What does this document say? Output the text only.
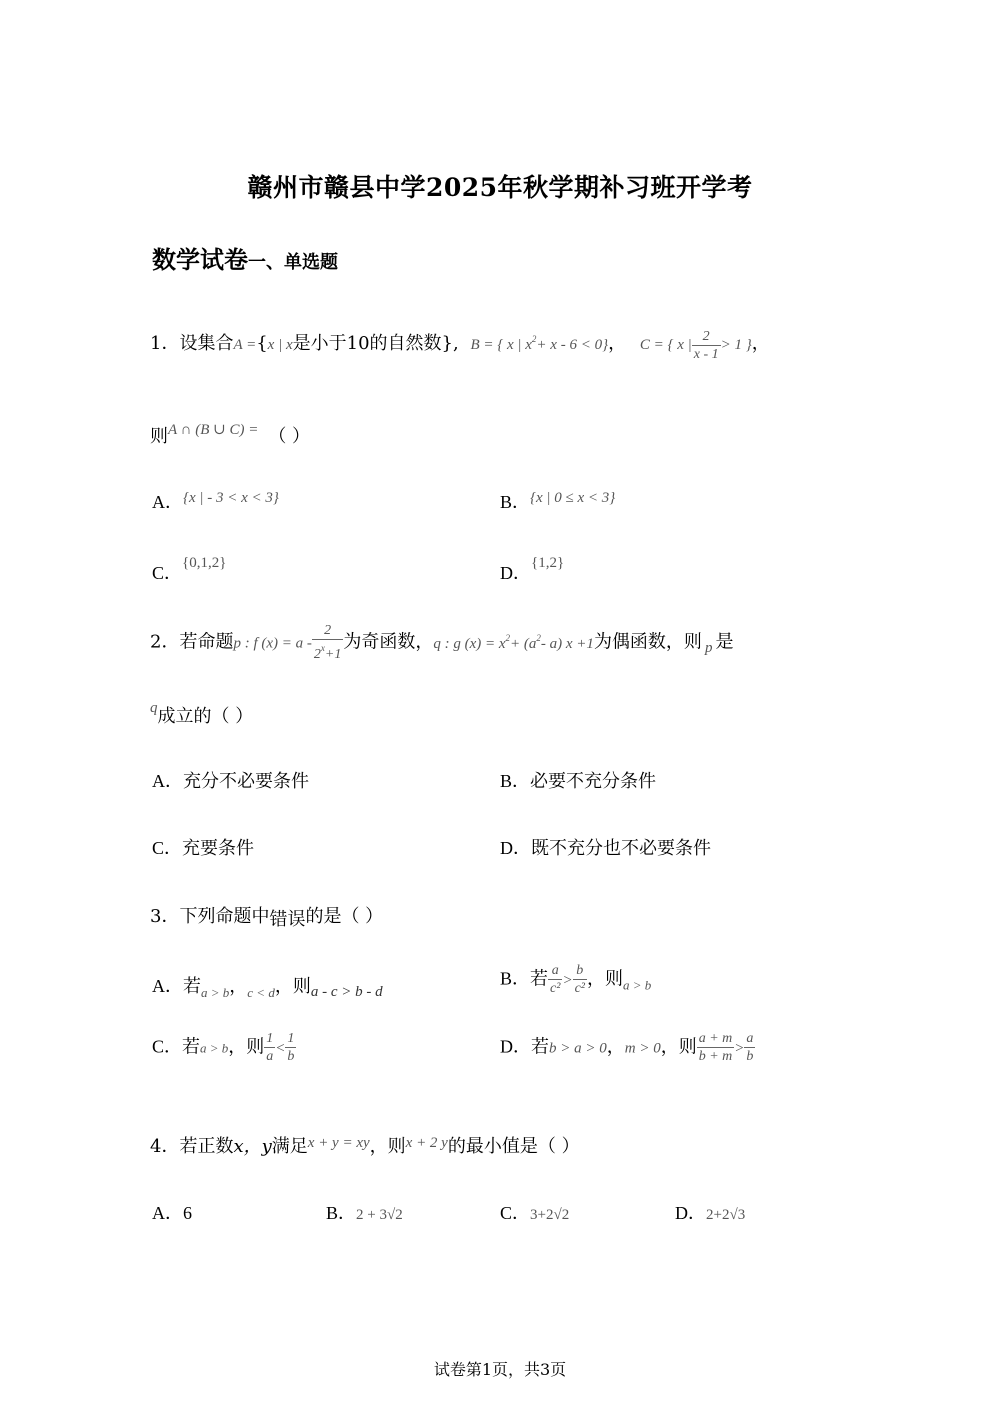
赣州市赣县中学2025年秋学期补习班开学考
数学试卷一、单选题
1．设集合A ={x | x是小于10的自然数}, B = { x | $x^2+ x - 6 < 0$}， C = { x | $\frac{2}{x - 1} > 1$ }，
则$^{A \cap (B \cup C) =}$ （ ）
A．$^{\{x | - 3 < x < 3\}}$	B．$^{\{x | 0 \le x < 3\}}$
C．$^{\{0,1,2\}}$	D．$^{\{1,2\}}$
2．若命题p : f $(x) = a - \frac{2}{2^x+1}$ 为奇函数，q : g $(x) = x^2+ (a^2-$ a) x +1为偶函数，则 $_p$ 是
$^q$成立的（ ）
A．充分不必要条件	B．必要不充分条件
C．充要条件	D．既不充分也不必要条件
3．下列命题中错误的是（ ）
A．若$_{a > b}$，$_{c < d}$，则$_{a - c > b - d}$
B．若 $\frac{a}{\text{c²}} > \frac{b}{\text{c²}}$ ，则$_{a > b}$
C．若a > b，则 $\frac{1}{a} < \frac{1}{b}$	D．若b > a > 0，m > 0，则 $\frac{a + m}{b + m} > \frac{a}{b}$
4．若正数x，y满足$^{x + y = xy}$，则$^{x + 2 y}$的最小值是（ ）
A．6	B．2 + 3√2	C．3+2√2	D．2+2√3
试卷第1页，共3页
